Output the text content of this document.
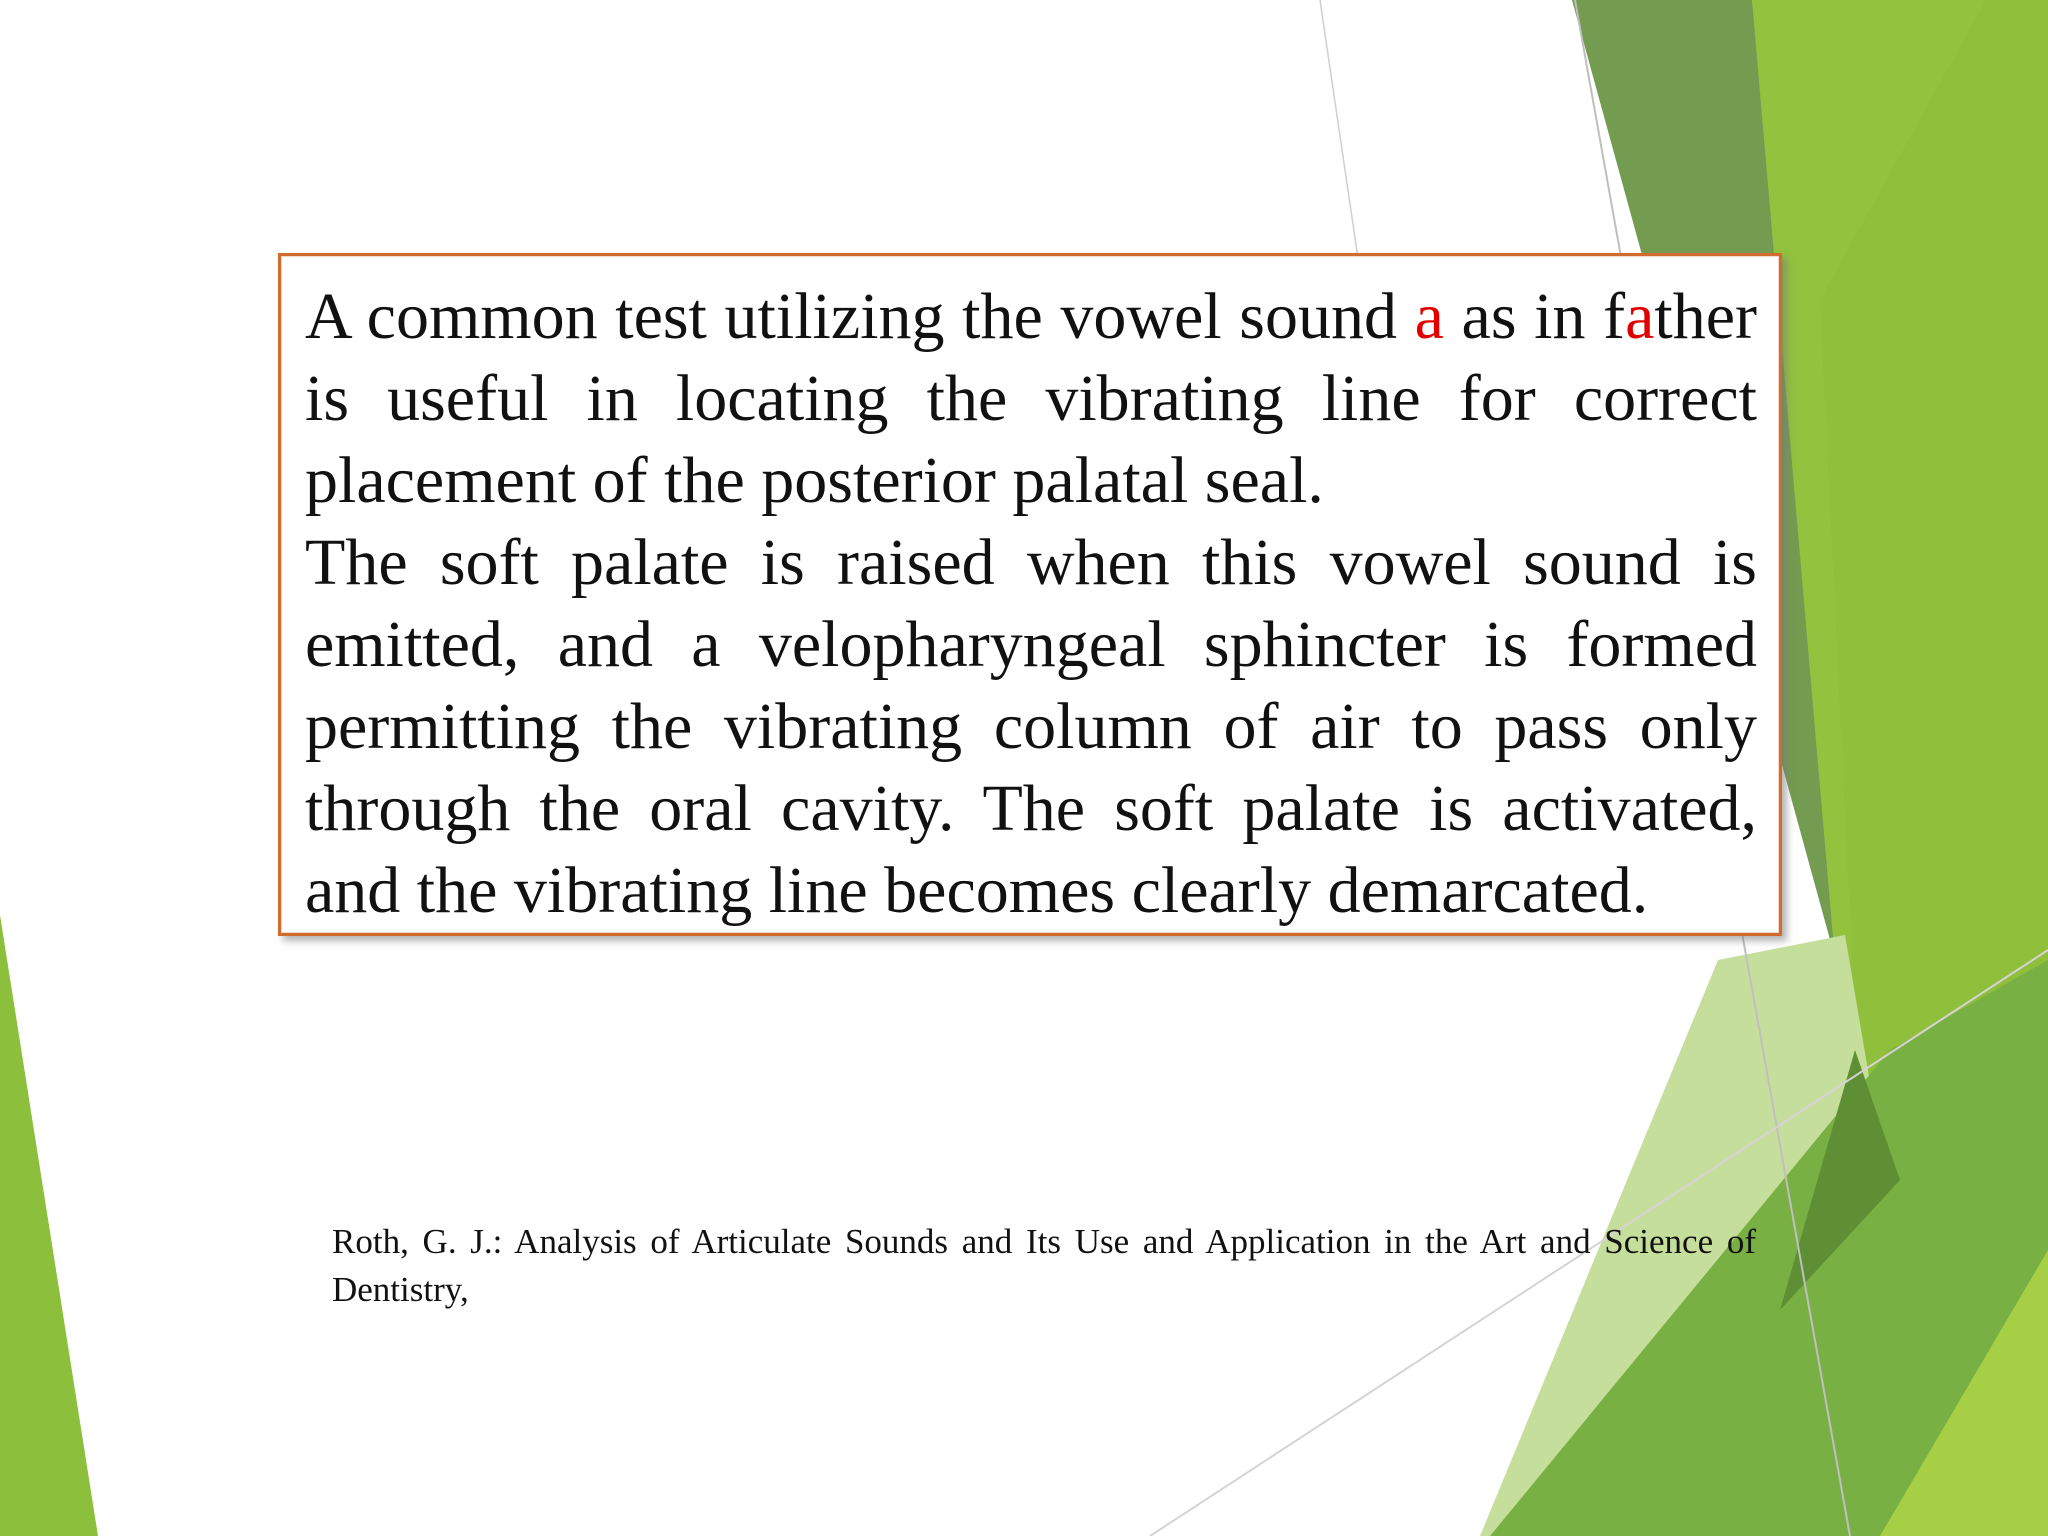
A common test utilizing the vowel sound a as in father is useful in locating the vibrating line for correct placement of the posterior palatal seal.

The soft palate is raised when this vowel sound is emitted, and a velopharyngeal sphincter is formed permitting the vibrating column of air to pass only through the oral cavity. The soft palate is activated, and the vibrating line becomes clearly demarcated.

Roth, G. J.: Analysis of Articulate Sounds and Its Use and Application in the Art and Science of Dentistry,
